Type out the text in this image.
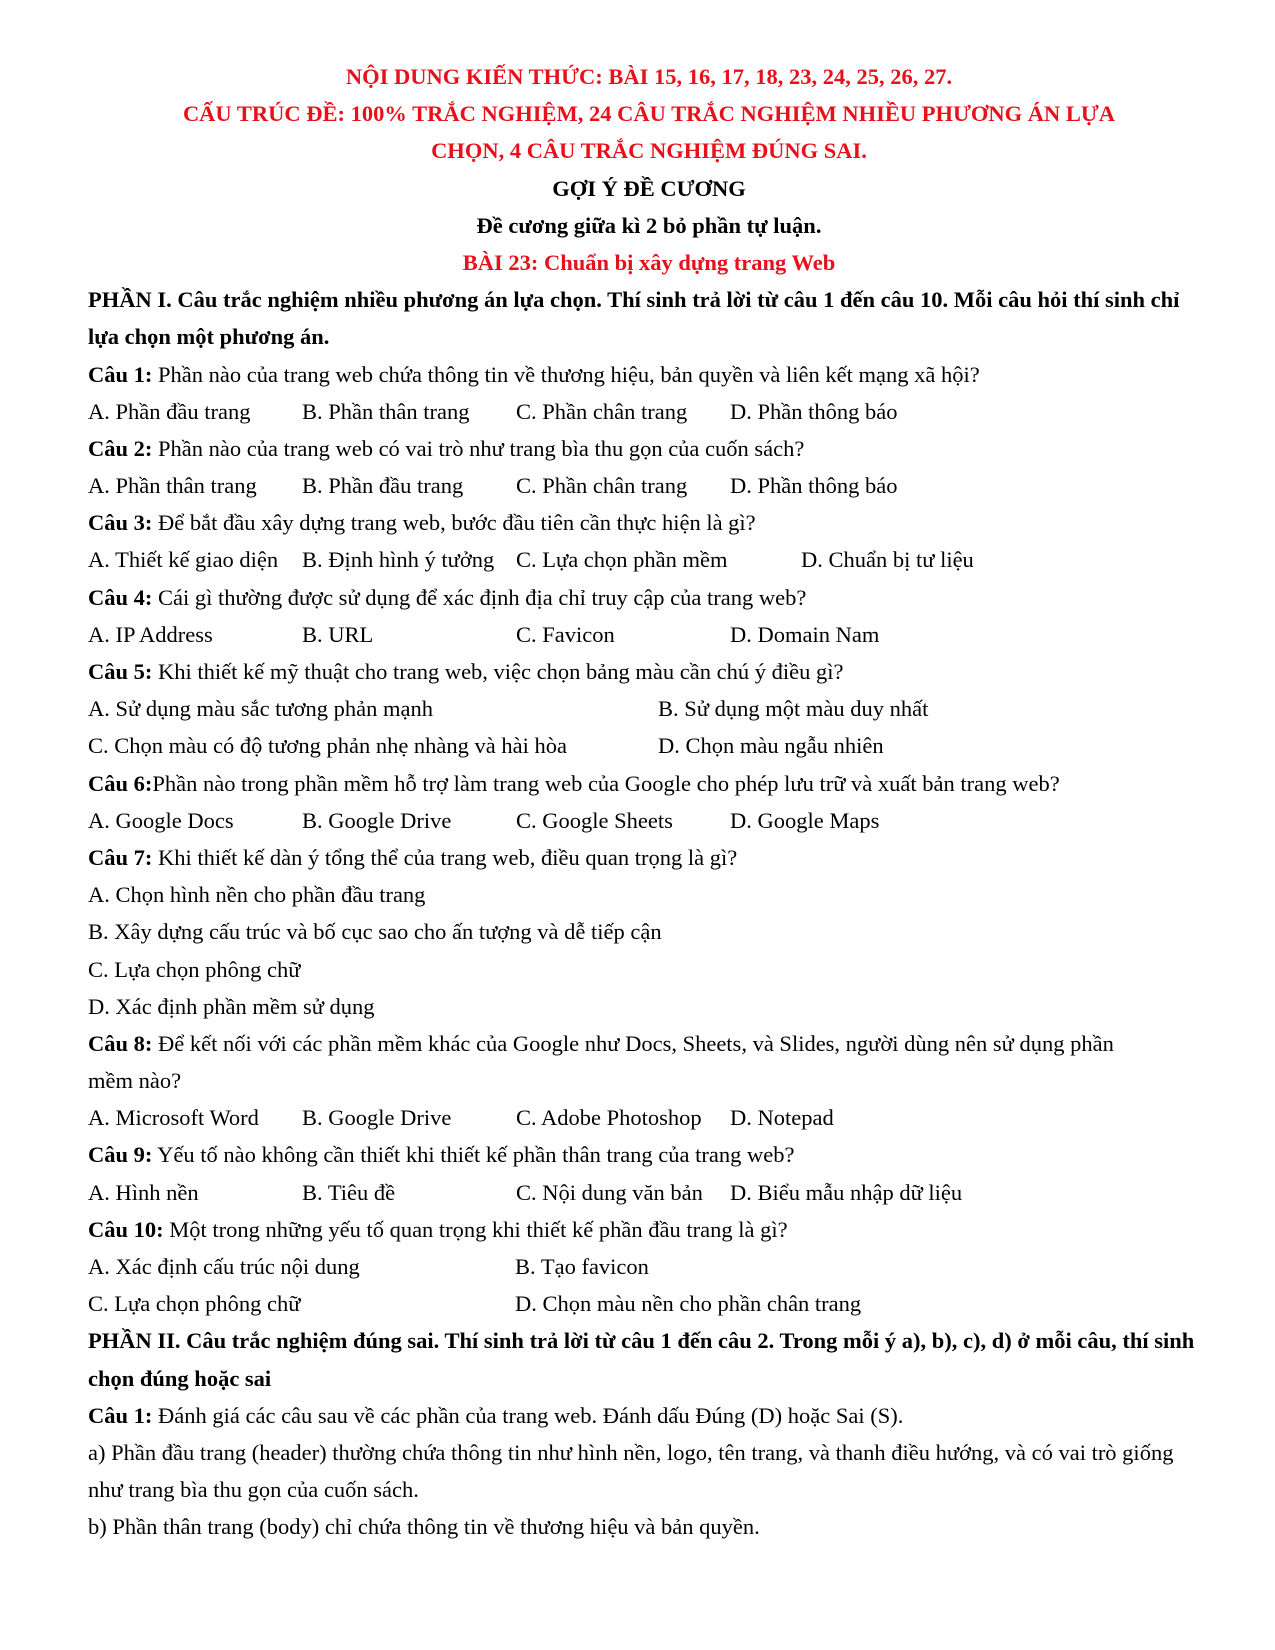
NỘI DUNG KIẾN THỨC: BÀI 15, 16, 17, 18, 23, 24, 25, 26, 27.
CẤU TRÚC ĐỀ: 100% TRẮC NGHIỆM, 24 CÂU TRẮC NGHIỆM NHIỀU PHƯƠNG ÁN LỰA
CHỌN, 4 CÂU TRẮC NGHIỆM ĐÚNG SAI.
GỢI Ý ĐỀ CƯƠNG
Đề cương giữa kì 2 bỏ phần tự luận.
BÀI 23: Chuẩn bị xây dựng trang Web
PHẦN I. Câu trắc nghiệm nhiều phương án lựa chọn. Thí sinh trả lời từ câu 1 đến câu 10. Mỗi câu hỏi thí sinh chỉ lựa chọn một phương án.
Câu 1: Phần nào của trang web chứa thông tin về thương hiệu, bản quyền và liên kết mạng xã hội?
A. Phần đầu trang	B. Phần thân trang	C. Phần chân trang	D. Phần thông báo
Câu 2: Phần nào của trang web có vai trò như trang bìa thu gọn của cuốn sách?
A. Phần thân trang	B. Phần đầu trang	C. Phần chân trang	D. Phần thông báo
Câu 3: Để bắt đầu xây dựng trang web, bước đầu tiên cần thực hiện là gì?
A. Thiết kế giao diện	B. Định hình ý tưởng C. Lựa chọn phần mềm	D. Chuẩn bị tư liệu
Câu 4: Cái gì thường được sử dụng để xác định địa chỉ truy cập của trang web?
A. IP Address	B. URL	C. Favicon	D. Domain Nam
Câu 5: Khi thiết kế mỹ thuật cho trang web, việc chọn bảng màu cần chú ý điều gì?
A. Sử dụng màu sắc tương phản mạnh	B. Sử dụng một màu duy nhất
C. Chọn màu có độ tương phản nhẹ nhàng và hài hòa	D. Chọn màu ngẫu nhiên
Câu 6:Phần nào trong phần mềm hỗ trợ làm trang web của Google cho phép lưu trữ và xuất bản trang web?
A. Google Docs	B. Google Drive	C. Google Sheets	D. Google Maps
Câu 7: Khi thiết kế dàn ý tổng thể của trang web, điều quan trọng là gì?
A. Chọn hình nền cho phần đầu trang
B. Xây dựng cấu trúc và bố cục sao cho ấn tượng và dễ tiếp cận
C. Lựa chọn phông chữ
D. Xác định phần mềm sử dụng
Câu 8: Để kết nối với các phần mềm khác của Google như Docs, Sheets, và Slides, người dùng nên sử dụng phần
mềm nào?
A. Microsoft Word	B. Google Drive	C. Adobe Photoshop	D. Notepad
Câu 9: Yếu tố nào không cần thiết khi thiết kế phần thân trang của trang web?
A. Hình nền	B. Tiêu đề	C. Nội dung văn bản	D. Biểu mẫu nhập dữ liệu
Câu 10: Một trong những yếu tố quan trọng khi thiết kế phần đầu trang là gì?
A. Xác định cấu trúc nội dung	B. Tạo favicon
C. Lựa chọn phông chữ	D. Chọn màu nền cho phần chân trang
PHẦN II. Câu trắc nghiệm đúng sai. Thí sinh trả lời từ câu 1 đến câu 2. Trong mỗi ý a), b), c), d) ở mỗi câu, thí sinh chọn đúng hoặc sai
Câu 1: Đánh giá các câu sau về các phần của trang web. Đánh dấu Đúng (D) hoặc Sai (S).
a) Phần đầu trang (header) thường chứa thông tin như hình nền, logo, tên trang, và thanh điều hướng, và có vai trò giống như trang bìa thu gọn của cuốn sách.
b) Phần thân trang (body) chỉ chứa thông tin về thương hiệu và bản quyền.
